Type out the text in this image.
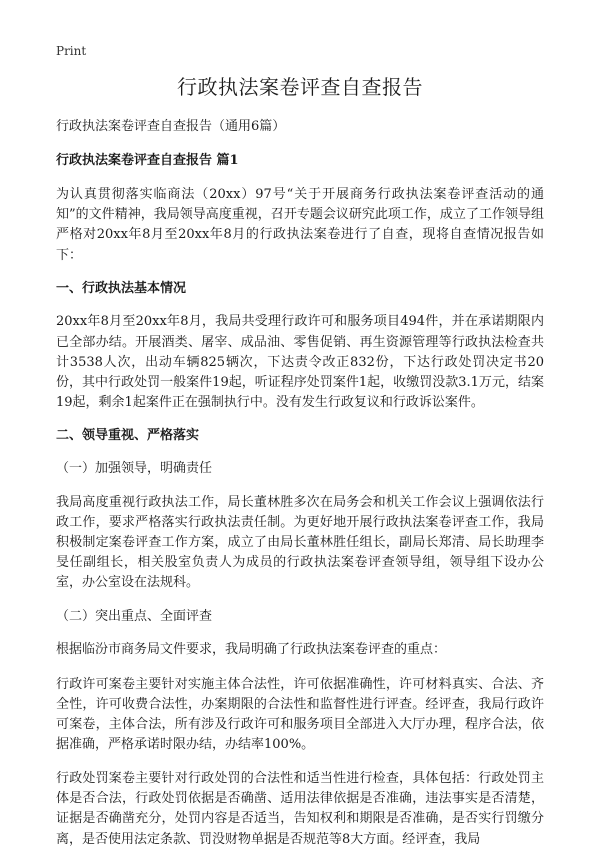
Print
行政执法案卷评查自查报告
行政执法案卷评查自查报告（通用6篇）
行政执法案卷评查自查报告 篇1
为认真贯彻落实临商法（20xx）97号“关于开展商务行政执法案卷评查活动的通知”的文件精神，我局领导高度重视，召开专题会议研究此项工作，成立了工作领导组严格对20xx年8月至20xx年8月的行政执法案卷进行了自查，现将自查情况报告如下：
一、行政执法基本情况
20xx年8月至20xx年8月，我局共受理行政许可和服务项目494件，并在承诺期限内已全部办结。开展酒类、屠宰、成品油、零售促销、再生资源管理等行政执法检查共计3538人次，出动车辆825辆次，下达责令改正832份，下达行政处罚决定书20份，其中行政处罚一般案件19起，听证程序处罚案件1起，收缴罚没款3.1万元，结案19起，剩余1起案件正在强制执行中。没有发生行政复议和行政诉讼案件。
二、领导重视、严格落实
（一）加强领导，明确责任
我局高度重视行政执法工作，局长董林胜多次在局务会和机关工作会议上强调依法行政工作，要求严格落实行政执法责任制。为更好地开展行政执法案卷评查工作，我局积极制定案卷评查工作方案，成立了由局长董林胜任组长，副局长郑清、局长助理李旻任副组长，相关股室负责人为成员的行政执法案卷评查领导组，领导组下设办公室，办公室设在法规科。
（二）突出重点、全面评查
根据临汾市商务局文件要求，我局明确了行政执法案卷评查的重点：
行政许可案卷主要针对实施主体合法性，许可依据准确性，许可材料真实、合法、齐全性，许可收费合法性，办案期限的合法性和监督性进行评查。经评查，我局行政许可案卷，主体合法，所有涉及行政许可和服务项目全部进入大厅办理，程序合法，依据准确，严格承诺时限办结，办结率100%。
行政处罚案卷主要针对行政处罚的合法性和适当性进行检查，具体包括：行政处罚主体是否合法，行政处罚依据是否确凿、适用法律依据是否准确，违法事实是否清楚，证据是否确凿充分，处罚内容是否适当，告知权利和期限是否准确，是否实行罚缴分离，是否使用法定条款、罚没财物单据是否规范等8大方面。经评查，我局
